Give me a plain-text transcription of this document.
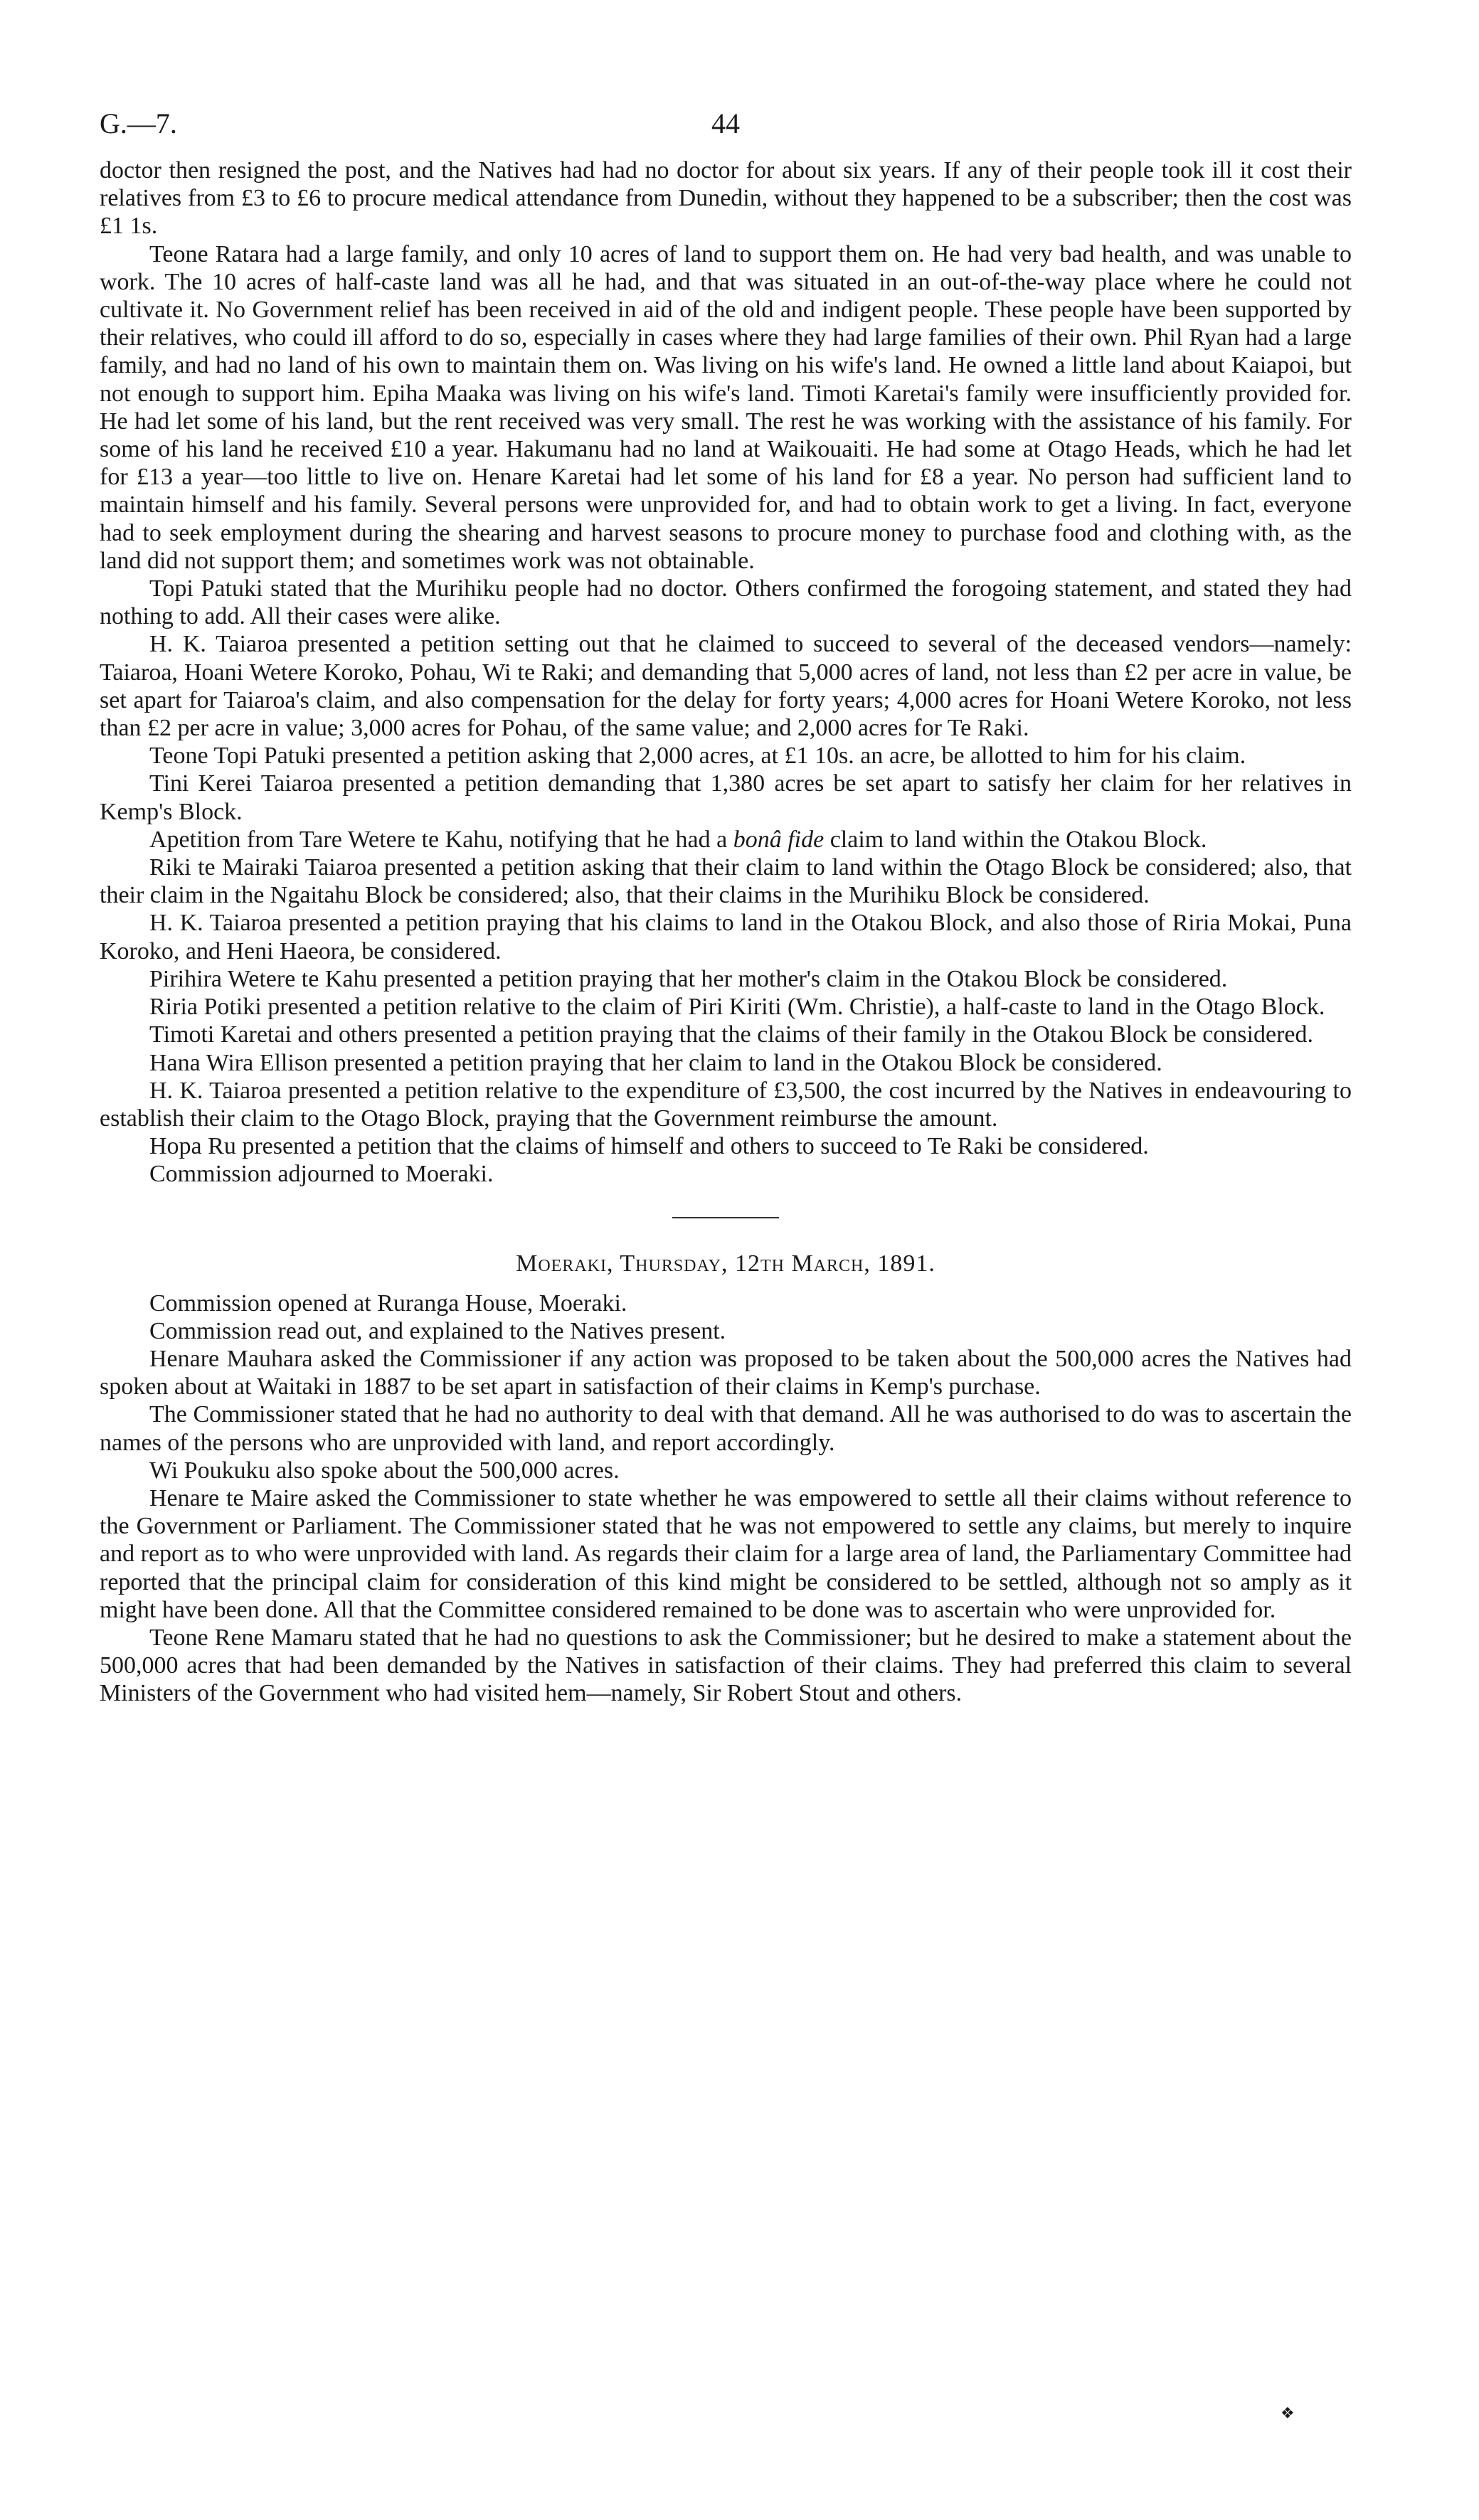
G.—7.	44

doctor then resigned the post, and the Natives had had no doctor for about six years. If any of their people took ill it cost their relatives from £3 to £6 to procure medical attendance from Dunedin, without they happened to be a subscriber; then the cost was £1 1s.

Teone Ratara had a large family, and only 10 acres of land to support them on. He had very bad health, and was unable to work. The 10 acres of half-caste land was all he had, and that was situated in an out-of-the-way place where he could not cultivate it. No Government relief has been received in aid of the old and indigent people. These people have been supported by their relatives, who could ill afford to do so, especially in cases where they had large families of their own. Phil Ryan had a large family, and had no land of his own to maintain them on. Was living on his wife's land. He owned a little land about Kaiapoi, but not enough to support him. Epiha Maaka was living on his wife's land. Timoti Karetai's family were insufficiently provided for. He had let some of his land, but the rent received was very small. The rest he was working with the assistance of his family. For some of his land he received £10 a year. Hakumanu had no land at Waikouaiti. He had some at Otago Heads, which he had let for £13 a year—too little to live on. Henare Karetai had let some of his land for £8 a year. No person had sufficient land to maintain himself and his family. Several persons were unprovided for, and had to obtain work to get a living. In fact, everyone had to seek employment during the shearing and harvest seasons to procure money to purchase food and clothing with, as the land did not support them; and sometimes work was not obtainable.

Topi Patuki stated that the Murihiku people had no doctor. Others confirmed the forogoing statement, and stated they had nothing to add. All their cases were alike.

H. K. Taiaroa presented a petition setting out that he claimed to succeed to several of the deceased vendors—namely: Taiaroa, Hoani Wetere Koroko, Pohau, Wi te Raki; and demanding that 5,000 acres of land, not less than £2 per acre in value, be set apart for Taiaroa's claim, and also compensation for the delay for forty years; 4,000 acres for Hoani Wetere Koroko, not less than £2 per acre in value; 3,000 acres for Pohau, of the same value; and 2,000 acres for Te Raki.

Teone Topi Patuki presented a petition asking that 2,000 acres, at £1 10s. an acre, be allotted to him for his claim.

Tini Kerei Taiaroa presented a petition demanding that 1,380 acres be set apart to satisfy her claim for her relatives in Kemp's Block.

Apetition from Tare Wetere te Kahu, notifying that he had a bonâ fide claim to land within the Otakou Block.

Riki te Mairaki Taiaroa presented a petition asking that their claim to land within the Otago Block be considered; also, that their claim in the Ngaitahu Block be considered; also, that their claims in the Murihiku Block be considered.

H. K. Taiaroa presented a petition praying that his claims to land in the Otakou Block, and also those of Riria Mokai, Puna Koroko, and Heni Haeora, be considered.

Pirihira Wetere te Kahu presented a petition praying that her mother's claim in the Otakou Block be considered.

Riria Potiki presented a petition relative to the claim of Piri Kiriti (Wm. Christie), a half-caste to land in the Otago Block.

Timoti Karetai and others presented a petition praying that the claims of their family in the Otakou Block be considered.

Hana Wira Ellison presented a petition praying that her claim to land in the Otakou Block be considered.

H. K. Taiaroa presented a petition relative to the expenditure of £3,500, the cost incurred by the Natives in endeavouring to establish their claim to the Otago Block, praying that the Government reimburse the amount.

Hopa Ru presented a petition that the claims of himself and others to succeed to Te Raki be considered.

Commission adjourned to Moeraki.

Moeraki, Thursday, 12th March, 1891.

Commission opened at Ruranga House, Moeraki.

Commission read out, and explained to the Natives present.

Henare Mauhara asked the Commissioner if any action was proposed to be taken about the 500,000 acres the Natives had spoken about at Waitaki in 1887 to be set apart in satisfaction of their claims in Kemp's purchase.

The Commissioner stated that he had no authority to deal with that demand. All he was authorised to do was to ascertain the names of the persons who are unprovided with land, and report accordingly.

Wi Poukuku also spoke about the 500,000 acres.

Henare te Maire asked the Commissioner to state whether he was empowered to settle all their claims without reference to the Government or Parliament. The Commissioner stated that he was not empowered to settle any claims, but merely to inquire and report as to who were unprovided with land. As regards their claim for a large area of land, the Parliamentary Committee had reported that the principal claim for consideration of this kind might be considered to be settled, although not so amply as it might have been done. All that the Committee considered remained to be done was to ascertain who were unprovided for.

Teone Rene Mamaru stated that he had no questions to ask the Commissioner; but he desired to make a statement about the 500,000 acres that had been demanded by the Natives in satisfaction of their claims. They had preferred this claim to several Ministers of the Government who had visited hem—namely, Sir Robert Stout and others.

❖
